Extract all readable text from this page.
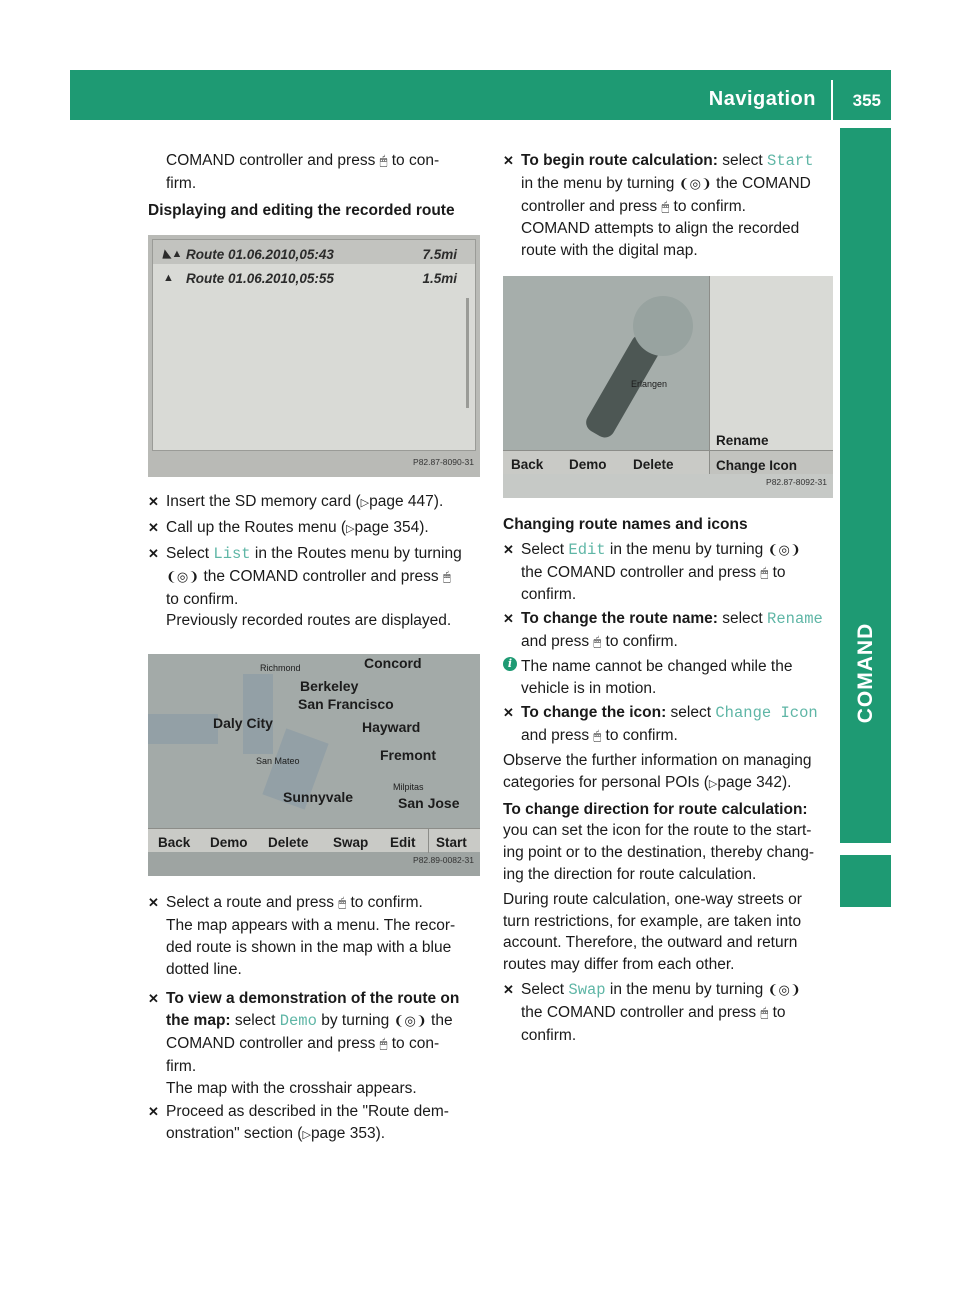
Navigation 355
COMAND

COMAND controller and press 🖱 to con-
firm.

Displaying and editing the recorded route

◣▲ Route 01.06.2010,05:43	7.5mi
▲ Route 01.06.2010,05:55	1.5mi
P82.87-8090-31
✕ Insert the SD memory card (▷page 447).
✕ Call up the Routes menu (▷page 354).
✕ Select List in the Routes menu by turning
❨◎❩ the COMAND controller and press 🖱
to confirm.
Previously recorded routes are displayed.
Richmond	Concord
Berkeley
San Francisco
Daly City	Hayward
Fremont
San Mateo
Milpitas
Sunnyvale	San Jose
Back Demo Delete Swap Edit Start
P82.89-0082-31
✕ Select a route and press 🖱 to confirm.
The map appears with a menu. The recor-
ded route is shown in the map with a blue
dotted line.
✕ To view a demonstration of the route on
the map: select Demo by turning ❨◎❩ the
COMAND controller and press 🖱 to con-
firm.
The map with the crosshair appears.
✕ Proceed as described in the "Route dem-
onstration" section (▷page 353).
✕ To begin route calculation: select Start
in the menu by turning ❨◎❩ the COMAND
controller and press 🖱 to confirm.
COMAND attempts to align the recorded
route with the digital map.
Erlangen
Rename
Change Icon
Back Demo Delete
P82.87-8092-31

Changing route names and icons

✕ Select Edit in the menu by turning ❨◎❩
the COMAND controller and press 🖱 to
confirm.
✕ To change the route name: select Rename
and press 🖱 to confirm.
i The name cannot be changed while the
vehicle is in motion.
✕ To change the icon: select Change Icon
and press 🖱 to confirm.

Observe the further information on managing
categories for personal POIs (▷page 342).

To change direction for route calculation:
you can set the icon for the route to the start-
ing point or to the destination, thereby chang-
ing the direction for route calculation.

During route calculation, one-way streets or
turn restrictions, for example, are taken into
account. Therefore, the outward and return
routes may differ from each other.

✕ Select Swap in the menu by turning ❨◎❩
the COMAND controller and press 🖱 to
confirm.
